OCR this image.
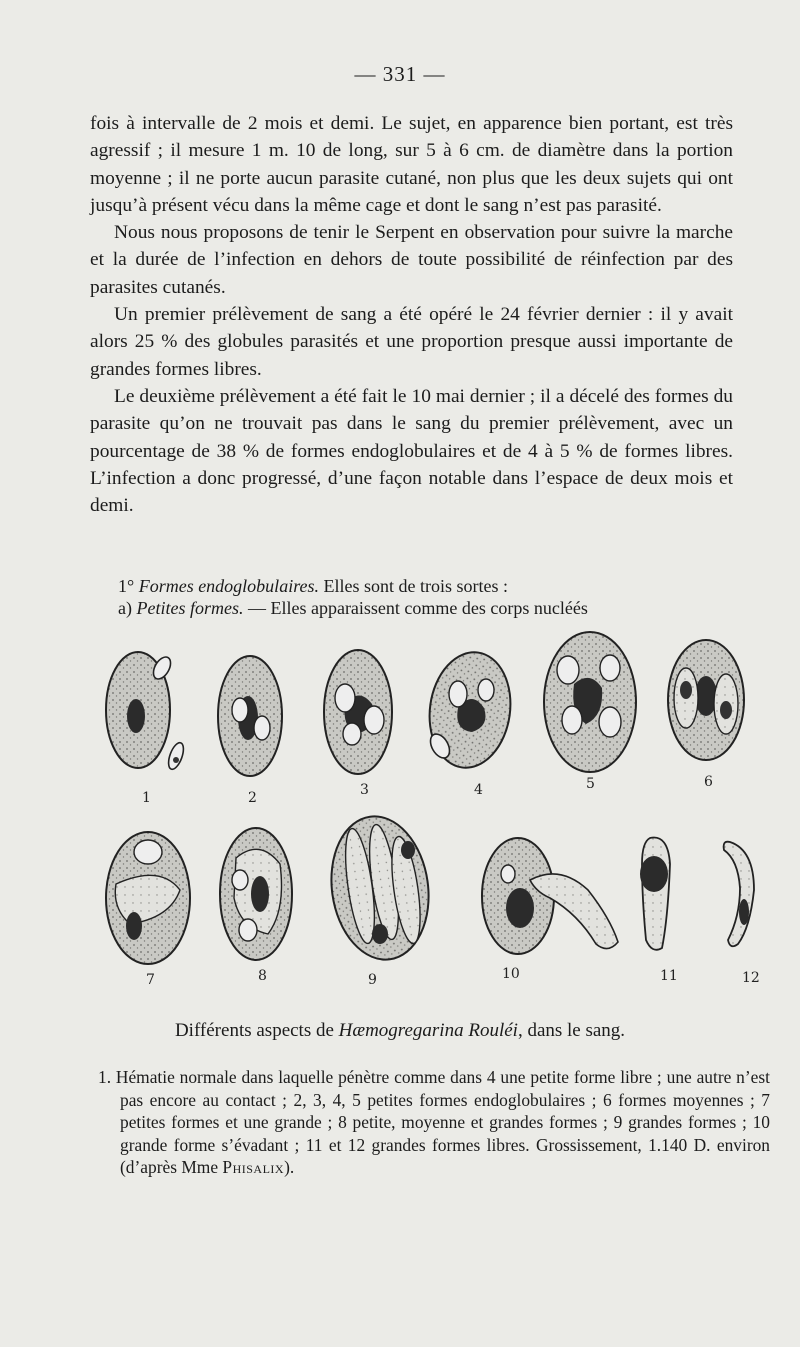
— 331 —

fois à intervalle de 2 mois et demi. Le sujet, en apparence bien portant, est très agressif ; il mesure 1 m. 10 de long, sur 5 à 6 cm. de diamètre dans la portion moyenne ; il ne porte aucun parasite cutané, non plus que les deux sujets qui ont jusqu’à présent vécu dans la même cage et dont le sang n’est pas parasité.

Nous nous proposons de tenir le Serpent en observation pour suivre la marche et la durée de l’infection en dehors de toute possibilité de réinfection par des parasites cutanés.

Un premier prélèvement de sang a été opéré le 24 février dernier : il y avait alors 25 % des globules parasités et une proportion presque aussi importante de grandes formes libres.

Le deuxième prélèvement a été fait le 10 mai dernier ; il a décelé des formes du parasite qu’on ne trouvait pas dans le sang du premier prélèvement, avec un pourcentage de 38 % de formes endoglobulaires et de 4 à 5 % de formes libres. L’infection a donc progressé, d’une façon notable dans l’espace de deux mois et demi.

1° Formes endoglobulaires. Elles sont de trois sortes :
a) Petites formes. — Elles apparaissent comme des corps nucléés
1	2	3	4	5	6
7	8	9	10	11	12
Différents aspects de Hæmogregarina Rouléi, dans le sang.

1. Hématie normale dans laquelle pénètre comme dans 4 une petite forme libre ; une autre n’est pas encore au contact ; 2, 3, 4, 5 petites formes endoglobulaires ; 6 formes moyennes ; 7 petites formes et une grande ; 8 petite, moyenne et grandes formes ; 9 grandes formes ; 10 grande forme s’évadant ; 11 et 12 grandes formes libres. Grossissement, 1.140 D. environ (d’après Mme Phisalix).
